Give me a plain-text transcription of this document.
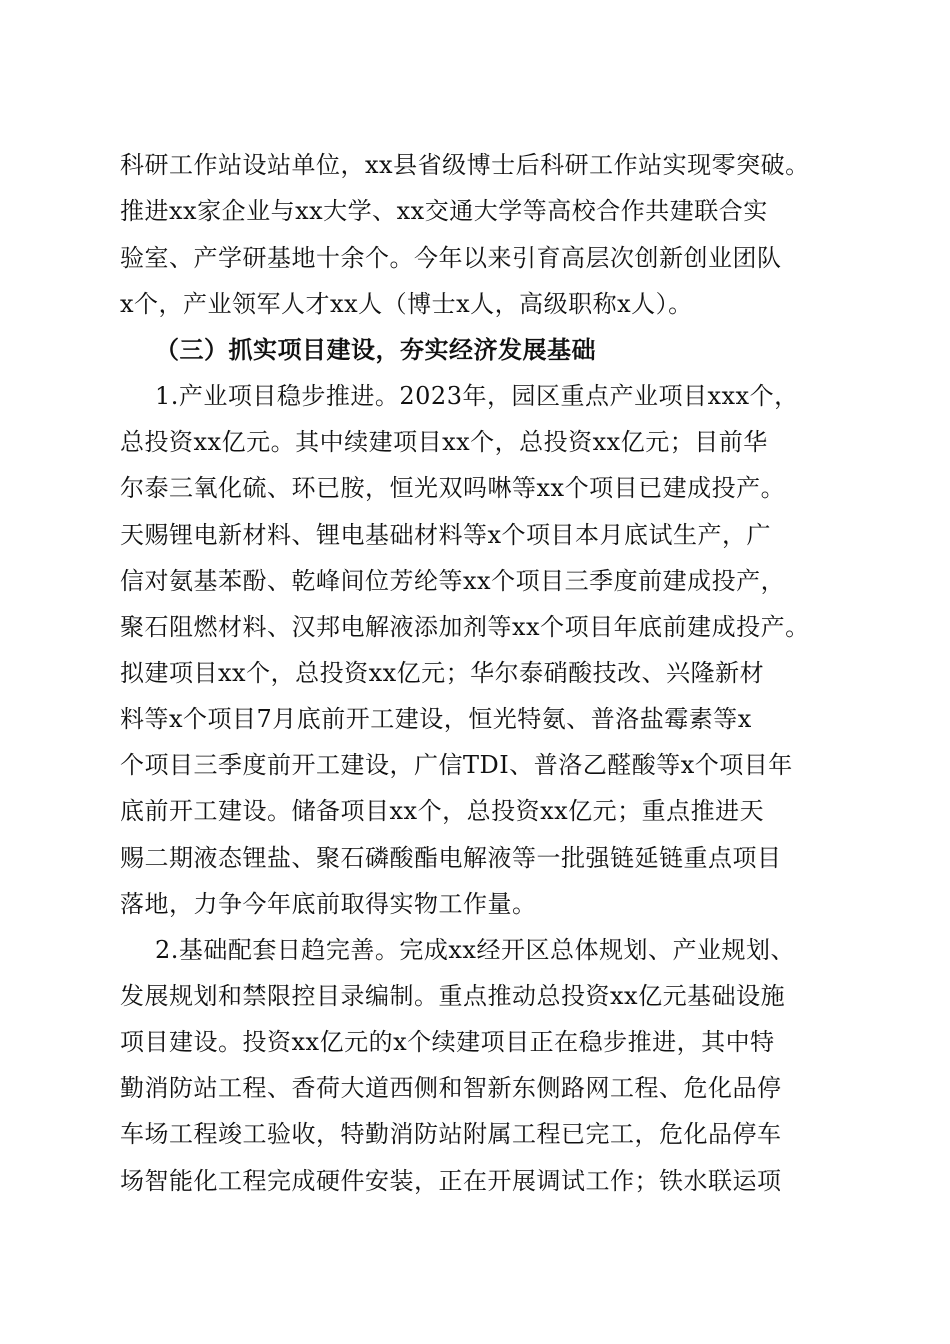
科研工作站设站单位，xx县省级博士后科研工作站实现零突破。
推进xx家企业与xx大学、xx交通大学等高校合作共建联合实
验室、产学研基地十余个。今年以来引育高层次创新创业团队
x个，产业领军人才xx人（博士x人，高级职称x人）。
（三）抓实项目建设，夯实经济发展基础
1.产业项目稳步推进。2023年，园区重点产业项目xxx个，
总投资xx亿元。其中续建项目xx个，总投资xx亿元；目前华
尔泰三氧化硫、环已胺，恒光双吗啉等xx个项目已建成投产。
天赐锂电新材料、锂电基础材料等x个项目本月底试生产，广
信对氨基苯酚、乾峰间位芳纶等xx个项目三季度前建成投产，
聚石阻燃材料、汉邦电解液添加剂等xx个项目年底前建成投产。
拟建项目xx个，总投资xx亿元；华尔泰硝酸技改、兴隆新材
料等x个项目7月底前开工建设，恒光特氨、普洛盐霉素等x
个项目三季度前开工建设，广信TDI、普洛乙醛酸等x个项目年
底前开工建设。储备项目xx个，总投资xx亿元；重点推进天
赐二期液态锂盐、聚石磷酸酯电解液等一批强链延链重点项目
落地，力争今年底前取得实物工作量。
2.基础配套日趋完善。完成xx经开区总体规划、产业规划、
发展规划和禁限控目录编制。重点推动总投资xx亿元基础设施
项目建设。投资xx亿元的x个续建项目正在稳步推进，其中特
勤消防站工程、香荷大道西侧和智新东侧路网工程、危化品停
车场工程竣工验收，特勤消防站附属工程已完工，危化品停车
场智能化工程完成硬件安装，正在开展调试工作；铁水联运项
